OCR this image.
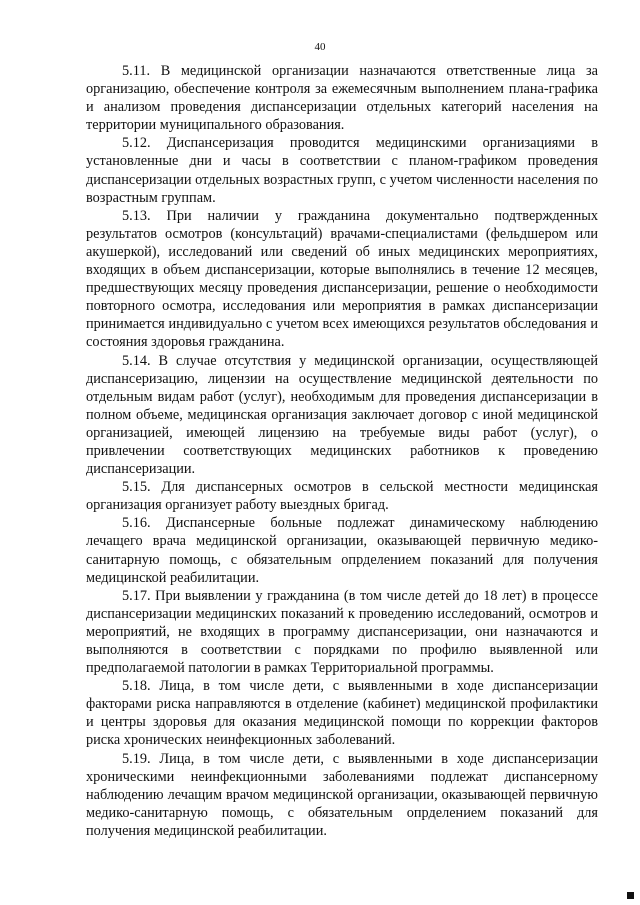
40

5.11. В медицинской организации назначаются ответственные лица за организацию, обеспечение контроля за ежемесячным выполнением плана-графика и анализом проведения диспансеризации отдельных категорий населения на территории муниципального образования.

5.12. Диспансеризация проводится медицинскими организациями в установленные дни и часы в соответствии с планом-графиком проведения диспансеризации отдельных возрастных групп, с учетом численности населения по возрастным группам.

5.13. При наличии у гражданина документально подтвержденных результатов осмотров (консультаций) врачами-специалистами (фельдшером или акушеркой), исследований или сведений об иных медицинских мероприятиях, входящих в объем диспансеризации, которые выполнялись в течение 12 месяцев, предшествующих месяцу проведения диспансеризации, решение о необходимости повторного осмотра, исследования или мероприятия в рамках диспансеризации принимается индивидуально с учетом всех имеющихся результатов обследования и состояния здоровья гражданина.

5.14. В случае отсутствия у медицинской организации, осуществляющей диспансеризацию, лицензии на осуществление медицинской деятельности по отдельным видам работ (услуг), необходимым для проведения диспансеризации в полном объеме, медицинская организация заключает договор с иной медицинской организацией, имеющей лицензию на требуемые виды работ (услуг), о привлечении соответствующих медицинских работников к проведению диспансеризации.

5.15. Для диспансерных осмотров в сельской местности медицинская организация организует работу выездных бригад.

5.16. Диспансерные больные подлежат динамическому наблюдению лечащего врача медицинской организации, оказывающей первичную медико-санитарную помощь, с обязательным опрделением показаний для получения медицинской реабилитации.

5.17. При выявлении у гражданина (в том числе детей до 18 лет) в процессе диспансеризации медицинских показаний к проведению исследований, осмотров и мероприятий, не входящих в программу диспансеризации, они назначаются и выполняются в соответствии с порядками по профилю выявленной или предполагаемой патологии в рамках Территориальной программы.

5.18. Лица, в том числе дети, с выявленными в ходе диспансеризации факторами риска направляются в отделение (кабинет) медицинской профилактики и центры здоровья для оказания медицинской помощи по коррекции факторов риска хронических неинфекционных заболеваний.

5.19. Лица, в том числе дети, с выявленными в ходе диспансеризации хроническими неинфекционными заболеваниями подлежат диспансерному наблюдению лечащим врачом медицинской организации, оказывающей первичную медико-санитарную помощь, с обязательным опрделением показаний для получения медицинской реабилитации.
